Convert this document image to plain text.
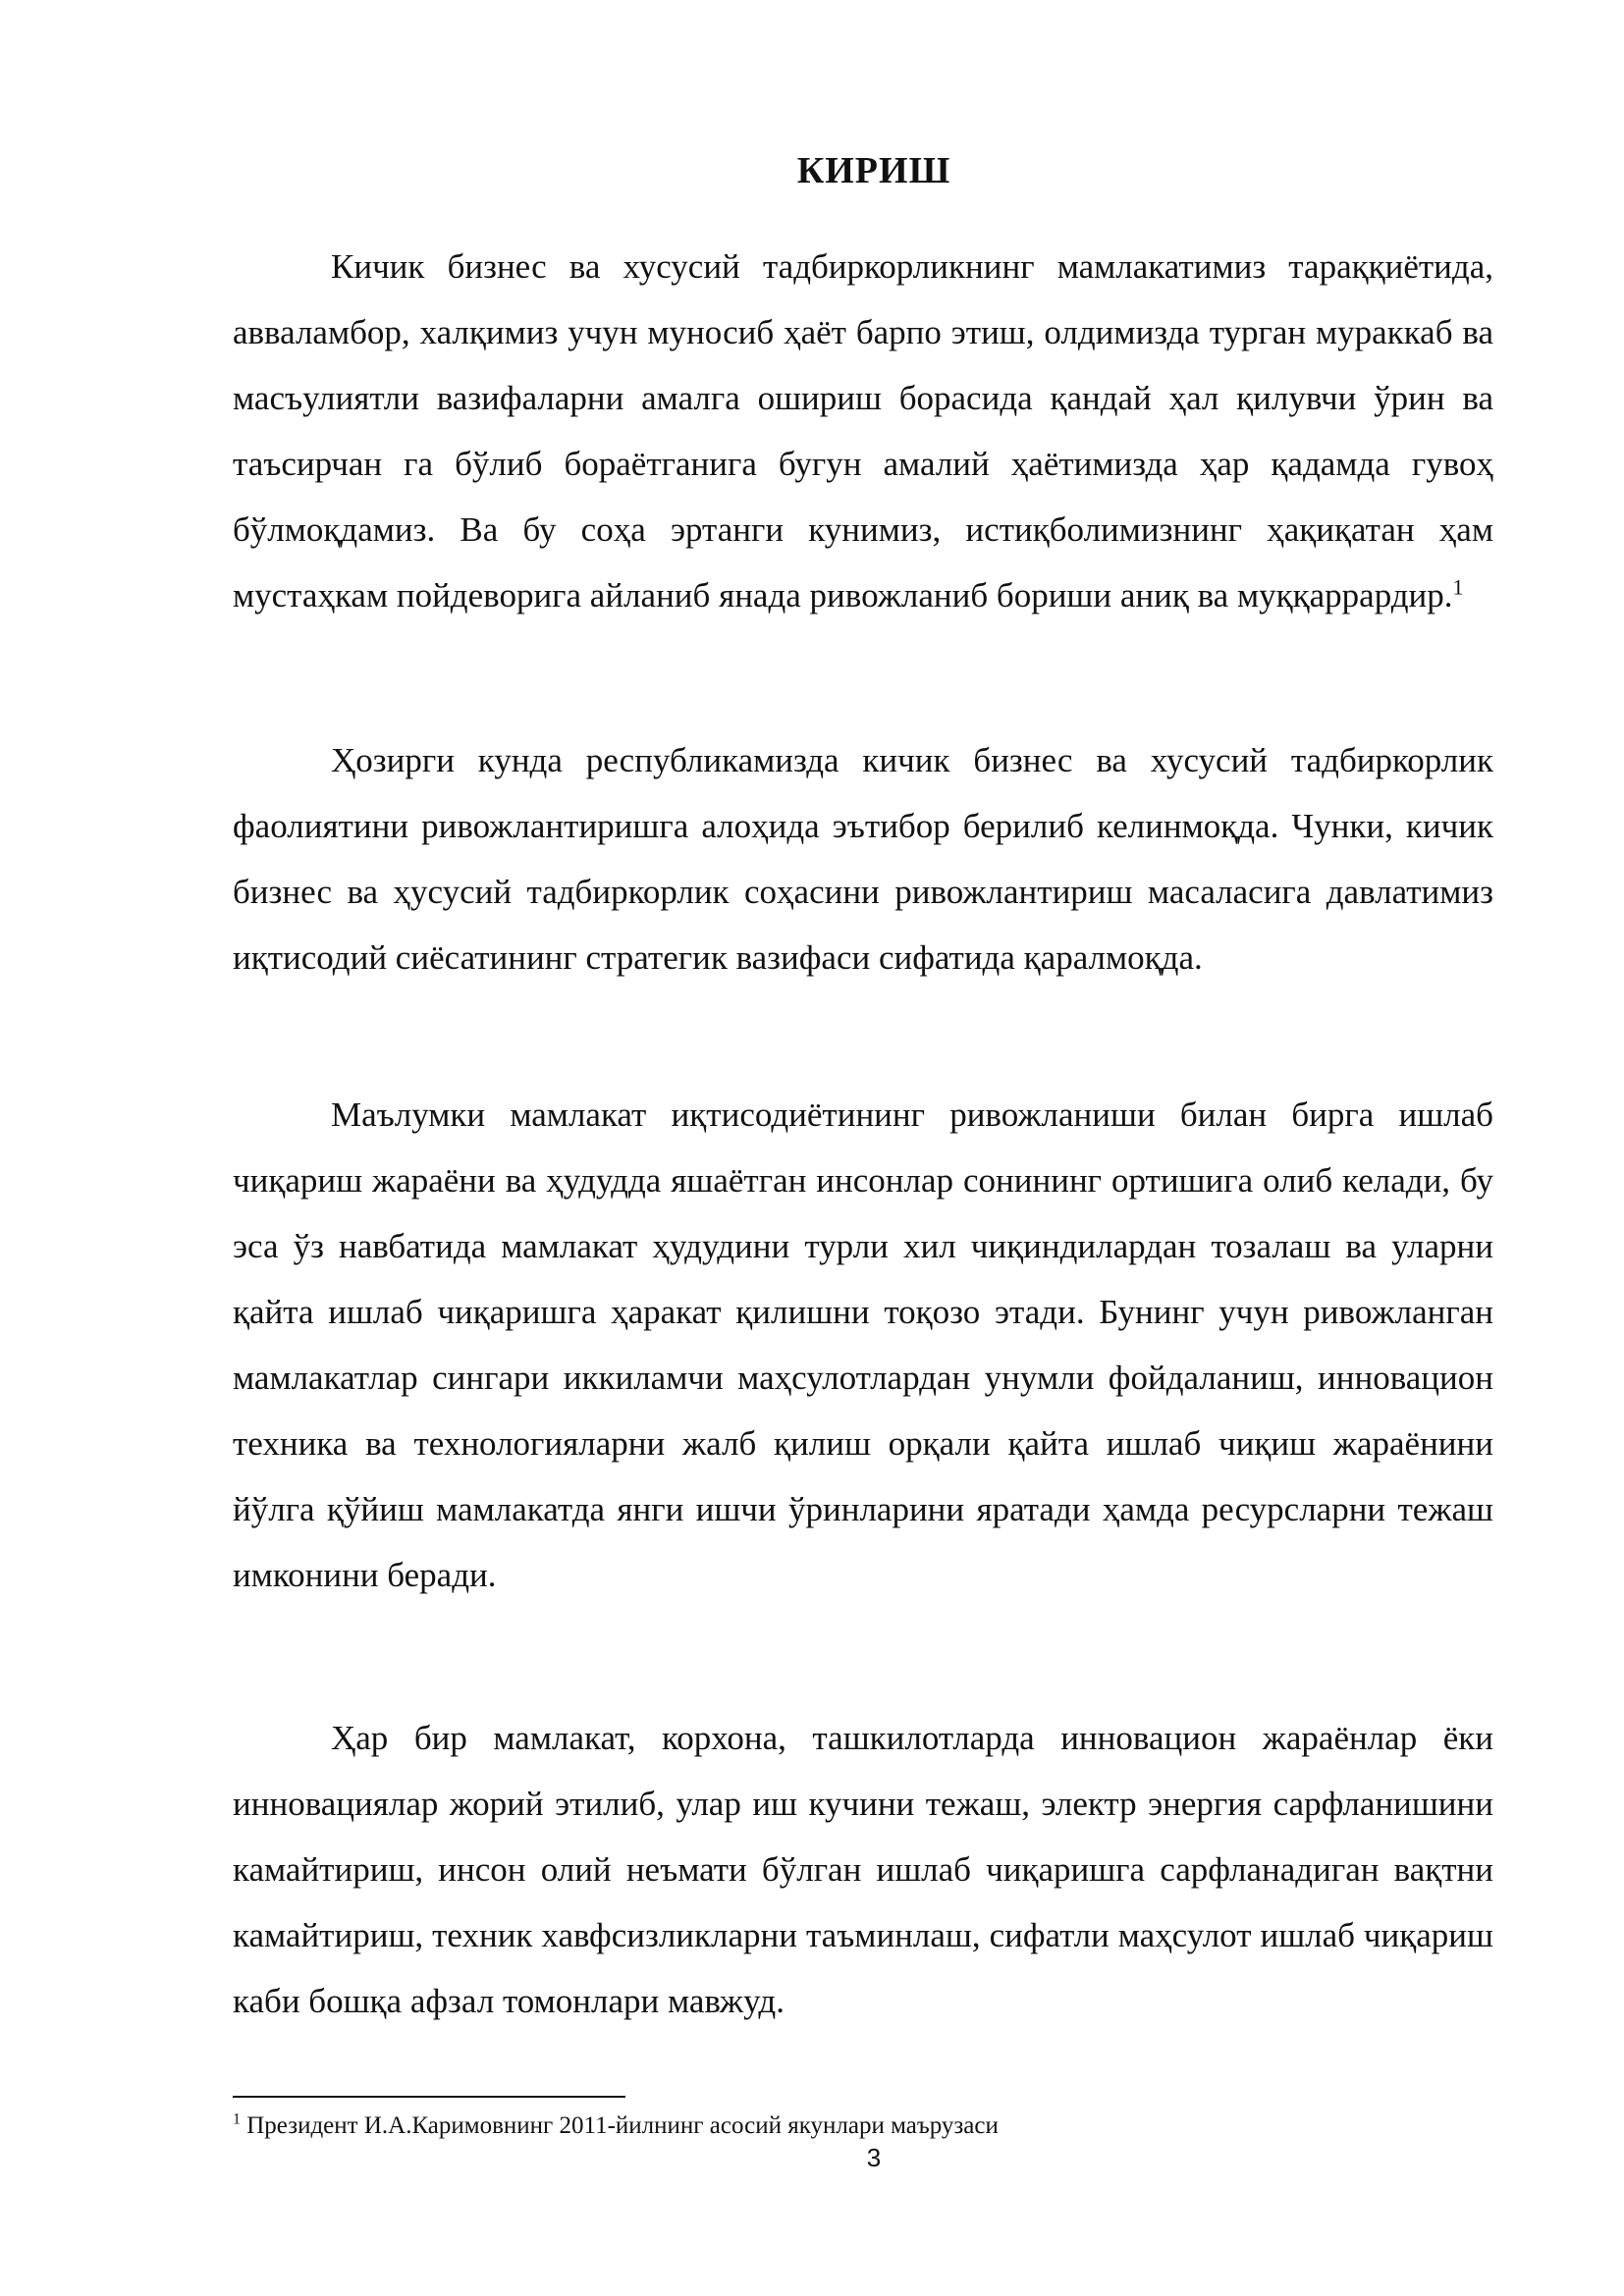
КИРИШ

Кичик бизнес ва хусусий тадбиркорликнинг мамлакатимиз тараққиётида, авваламбор, халқимиз учун муносиб ҳаёт барпо этиш, олдимизда турган мураккаб ва масъулиятли вазифаларни амалга ошириш борасида қандай ҳал қилувчи ўрин ва таъсирчан га бўлиб бораётганига бугун амалий ҳаётимизда ҳар қадамда гувоҳ бўлмоқдамиз. Ва бу соҳа эртанги кунимиз, истиқболимизнинг ҳақиқатан ҳам мустаҳкам пойдеворига айланиб янада ривожланиб бориши аниқ ва муққаррардир.$^1$

Ҳозирги кунда республикамизда кичик бизнес ва хусусий тадбиркорлик фаолиятини ривожлантиришга алоҳида эътибор берилиб келинмоқда. Чунки, кичик бизнес ва ҳусусий тадбиркорлик соҳасини ривожлантириш масаласига давлатимиз иқтисодий сиёсатининг стратегик вазифаси сифатида қаралмоқда.

Маълумки мамлакат иқтисодиётининг ривожланиши билан бирга ишлаб чиқариш жараёни ва ҳудудда яшаётган инсонлар сонининг ортишига олиб келади, бу эса ўз навбатида мамлакат ҳудудини турли хил чиқиндилардан тозалаш ва уларни қайта ишлаб чиқаришга ҳаракат қилишни тоқозо этади. Бунинг учун ривожланган мамлакатлар сингари иккиламчи маҳсулотлардан унумли фойдаланиш, инновацион техника ва технологияларни жалб қилиш орқали қайта ишлаб чиқиш жараёнини йўлга қўйиш мамлакатда янги ишчи ўринларини яратади ҳамда ресурсларни тежаш имконини беради.

Ҳар бир мамлакат, корхона, ташкилотларда инновацион жараёнлар ёки инновациялар жорий этилиб, улар иш кучини тежаш, электр энергия сарфланишини камайтириш, инсон олий неъмати бўлган ишлаб чиқаришга сарфланадиган вақтни камайтириш, техник хавфсизликларни таъминлаш, сифатли маҳсулот ишлаб чиқариш каби бошқа афзал томонлари мавжуд.

$^1$ Президент И.А.Каримовнинг 2011-йилнинг асосий якунлари маърузаси
3
